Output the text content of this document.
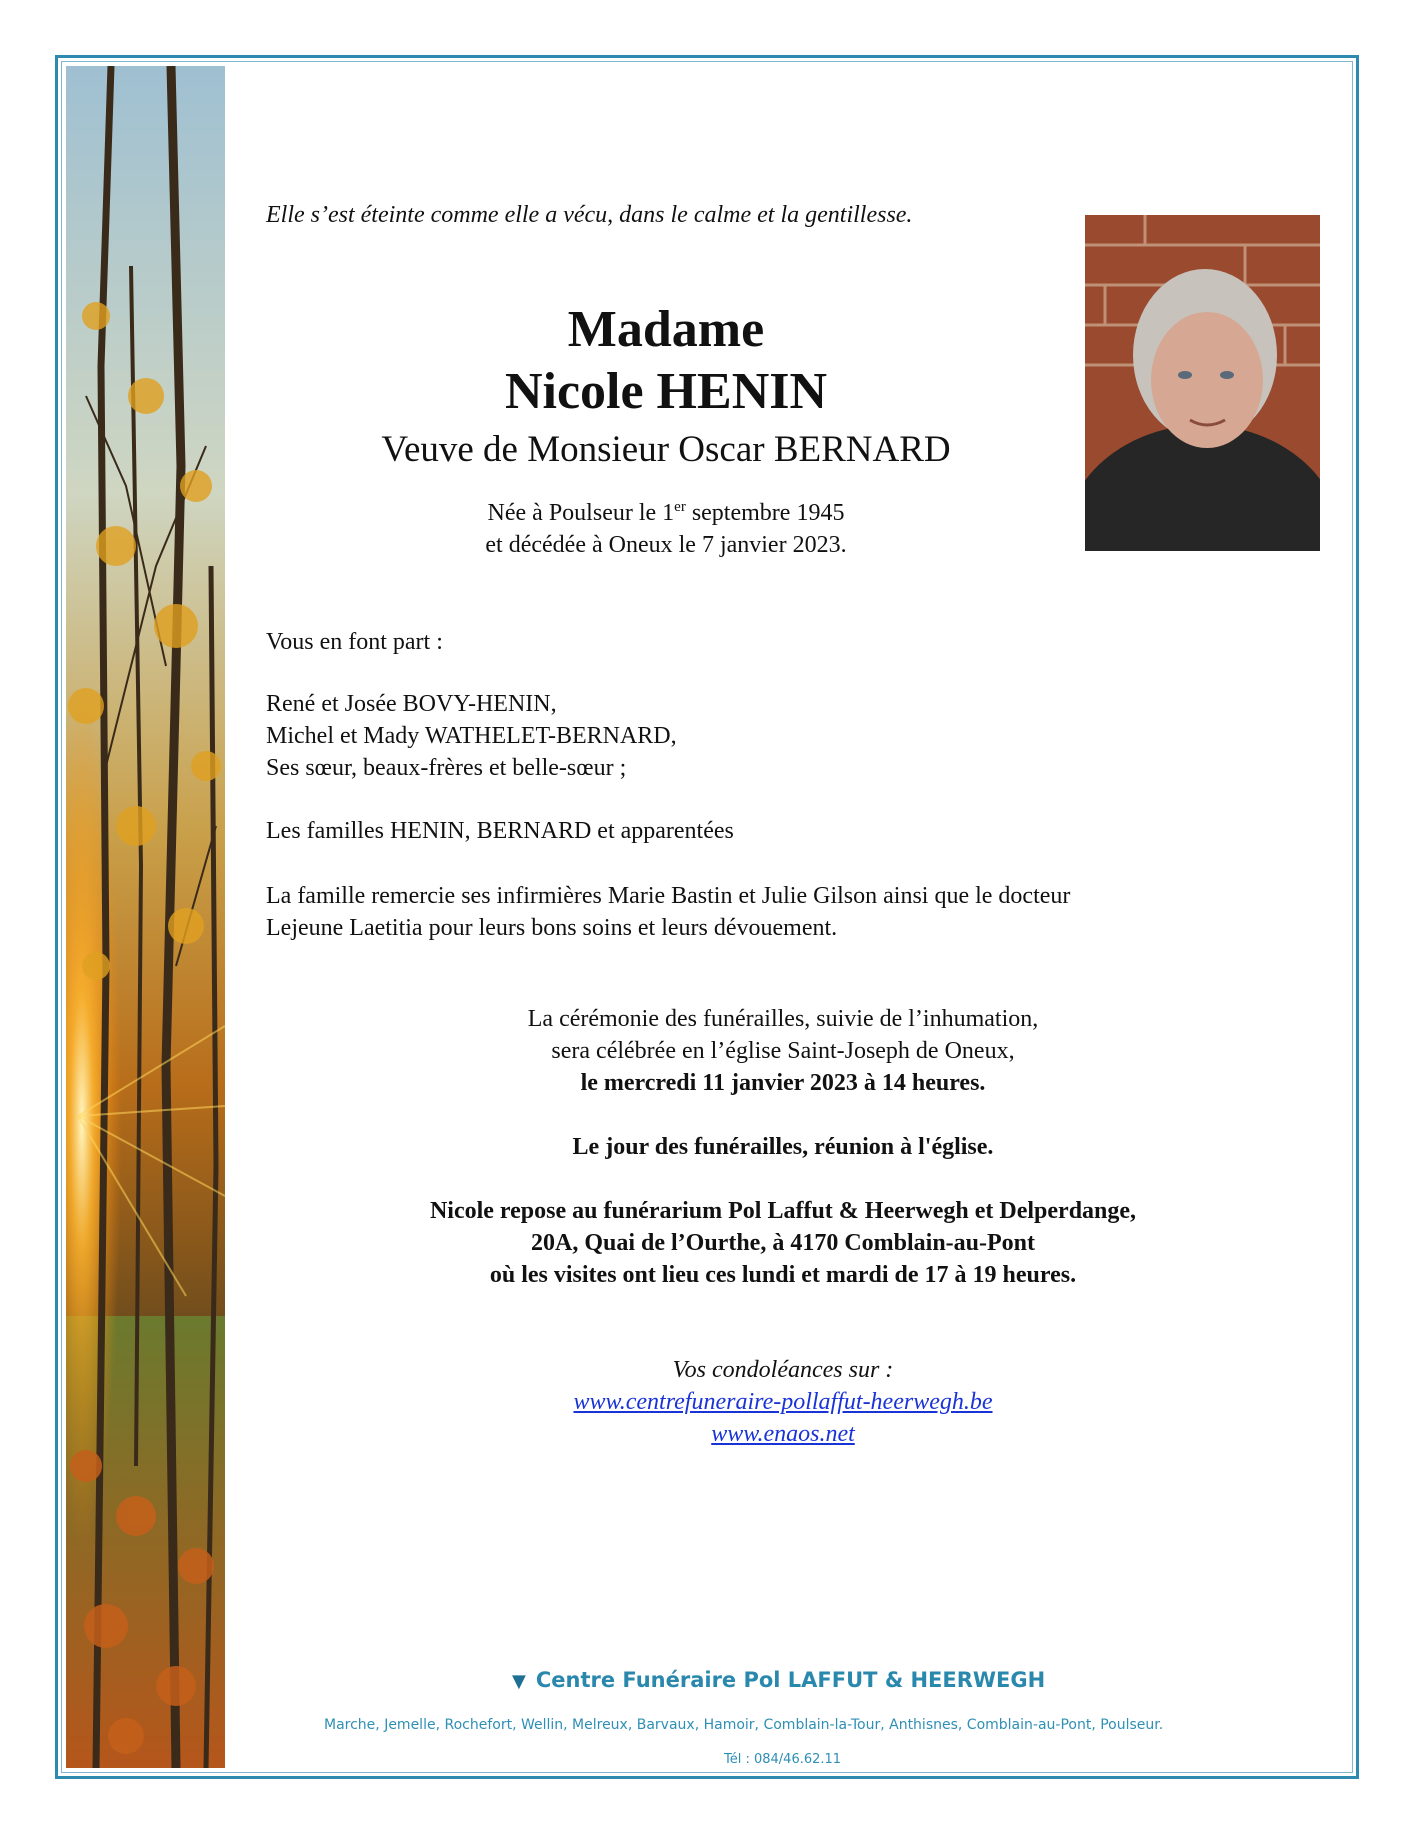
Elle s’est éteinte comme elle a vécu, dans le calme et la gentillesse.

Madame

Nicole HENIN

Veuve de Monsieur Oscar BERNARD

Née à Poulseur le 1er septembre 1945

et décédée à Oneux le 7 janvier 2023.

Vous en font part :

René et Josée BOVY-HENIN,

Michel et Mady WATHELET-BERNARD,

Ses sœur, beaux-frères et belle-sœur ;

Les familles HENIN, BERNARD et apparentées

La famille remercie ses infirmières Marie Bastin et Julie Gilson ainsi que le docteur

Lejeune Laetitia pour leurs bons soins et leurs dévouement.

La cérémonie des funérailles, suivie de l’inhumation,

sera célébrée en l’église Saint-Joseph de Oneux,

le mercredi 11 janvier 2023 à 14 heures.

Le jour des funérailles, réunion à l'église.

Nicole repose au funérarium Pol Laffut & Heerwegh et Delperdange,

20A, Quai de l’Ourthe, à 4170 Comblain-au-Pont

où les visites ont lieu ces lundi et mardi de 17 à 19 heures.

Vos condoléances sur :

www.centrefuneraire-pollaffut-heerwegh.be

www.enaos.net

▼ Centre Funéraire Pol LAFFUT & HEERWEGH

Marche, Jemelle, Rochefort, Wellin, Melreux, Barvaux, Hamoir, Comblain-la-Tour, Anthisnes, Comblain-au-Pont, Poulseur.

Tél : 084/46.62.11
